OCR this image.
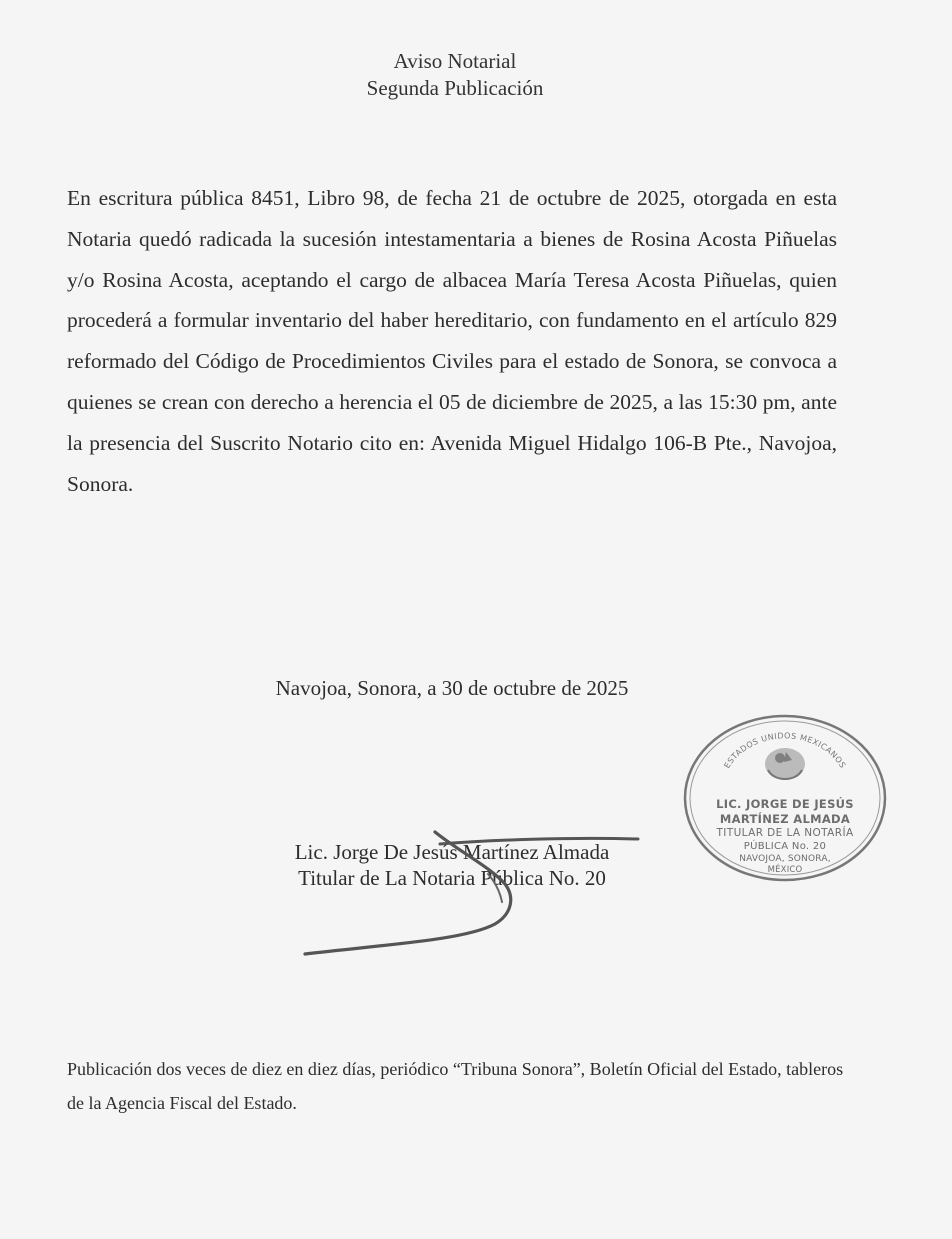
Aviso Notarial
Segunda Publicación
En escritura pública 8451, Libro 98, de fecha 21 de octubre de 2025, otorgada en esta Notaria quedó radicada la sucesión intestamentaria a bienes de Rosina Acosta Piñuelas y/o Rosina Acosta, aceptando el cargo de albacea María Teresa Acosta Piñuelas, quien procederá a formular inventario del haber hereditario, con fundamento en el artículo 829 reformado del Código de Procedimientos Civiles para el estado de Sonora, se convoca a quienes se crean con derecho a herencia el 05 de diciembre de 2025, a las 15:30 pm, ante la presencia del Suscrito Notario cito en: Avenida Miguel Hidalgo 106-B Pte., Navojoa, Sonora.
Navojoa, Sonora, a 30 de octubre de 2025
Lic. Jorge De Jesús Martínez Almada
Titular de La Notaria Pública No. 20
ESTADOS UNIDOS MEXICANOS
LIC. JORGE DE JESÚS
MARTÍNEZ ALMADA
TITULAR DE LA NOTARÍA
PÚBLICA No. 20
NAVOJOA, SONORA,
MÉXICO
Publicación dos veces de diez en diez días, periódico “Tribuna Sonora”, Boletín Oficial del Estado, tableros de la Agencia Fiscal del Estado.
